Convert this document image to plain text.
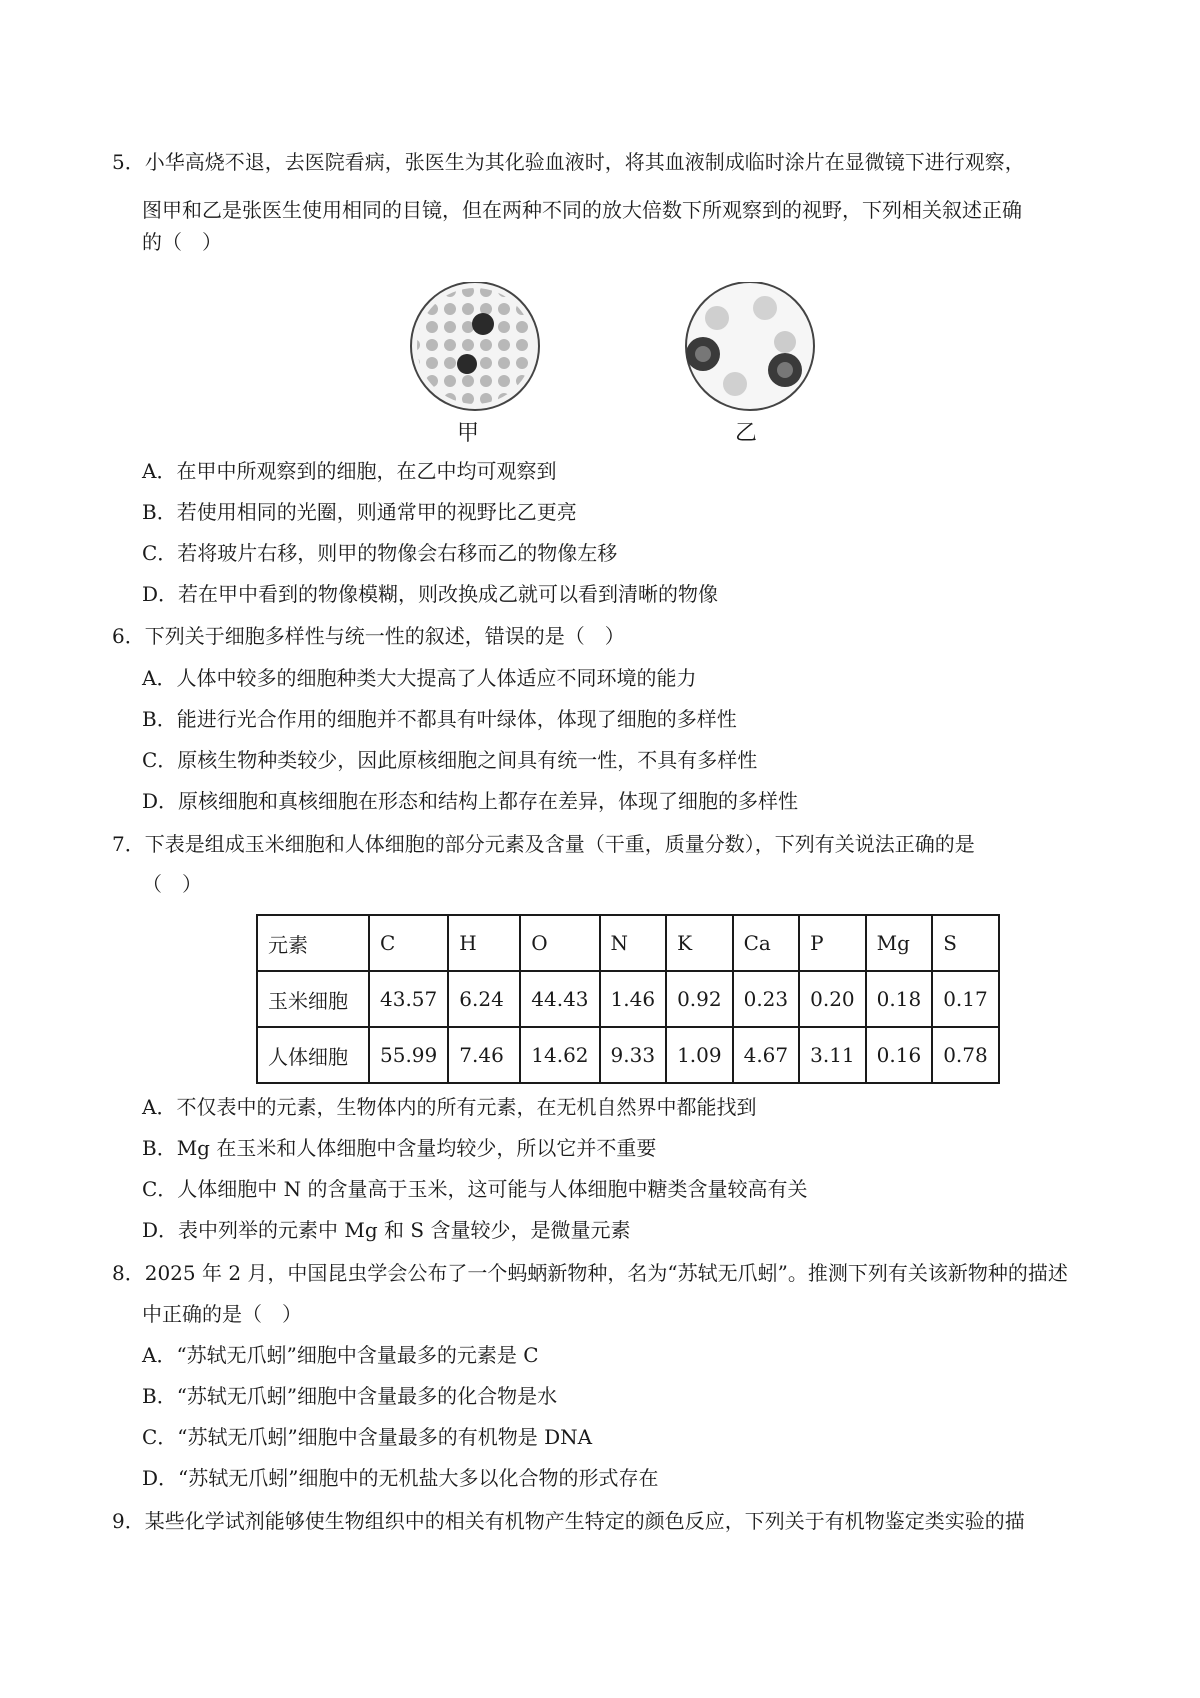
5．小华高烧不退，去医院看病，张医生为其化验血液时，将其血液制成临时涂片在显微镜下进行观察，
图甲和乙是张医生使用相同的目镜，但在两种不同的放大倍数下所观察到的视野，下列相关叙述正确
的（　）
甲	乙
A．在甲中所观察到的细胞，在乙中均可观察到
B．若使用相同的光圈，则通常甲的视野比乙更亮
C．若将玻片右移，则甲的物像会右移而乙的物像左移
D．若在甲中看到的物像模糊，则改换成乙就可以看到清晰的物像
6．下列关于细胞多样性与统一性的叙述，错误的是（　）
A．人体中较多的细胞种类大大提高了人体适应不同环境的能力
B．能进行光合作用的细胞并不都具有叶绿体，体现了细胞的多样性
C．原核生物种类较少，因此原核细胞之间具有统一性，不具有多样性
D．原核细胞和真核细胞在形态和结构上都存在差异，体现了细胞的多样性
7．下表是组成玉米细胞和人体细胞的部分元素及含量（干重，质量分数），下列有关说法正确的是
（　）
元素	C	H	O	N	K	Ca	P	Mg	S
玉米细胞	43.57	6.24	44.43	1.46	0.92	0.23	0.20	0.18	0.17
人体细胞	55.99	7.46	14.62	9.33	1.09	4.67	3.11	0.16	0.78
A．不仅表中的元素，生物体内的所有元素，在无机自然界中都能找到
B．Mg 在玉米和人体细胞中含量均较少，所以它并不重要
C．人体细胞中 N 的含量高于玉米，这可能与人体细胞中糖类含量较高有关
D．表中列举的元素中 Mg 和 S 含量较少，是微量元素
8．2025 年 2 月，中国昆虫学会公布了一个蚂蛃新物种，名为“苏轼无爪蚓”。推测下列有关该新物种的描述
中正确的是（　）
A．“苏轼无爪蚓”细胞中含量最多的元素是 C
B．“苏轼无爪蚓”细胞中含量最多的化合物是水
C．“苏轼无爪蚓”细胞中含量最多的有机物是 DNA
D．“苏轼无爪蚓”细胞中的无机盐大多以化合物的形式存在
9．某些化学试剂能够使生物组织中的相关有机物产生特定的颜色反应，下列关于有机物鉴定类实验的描
